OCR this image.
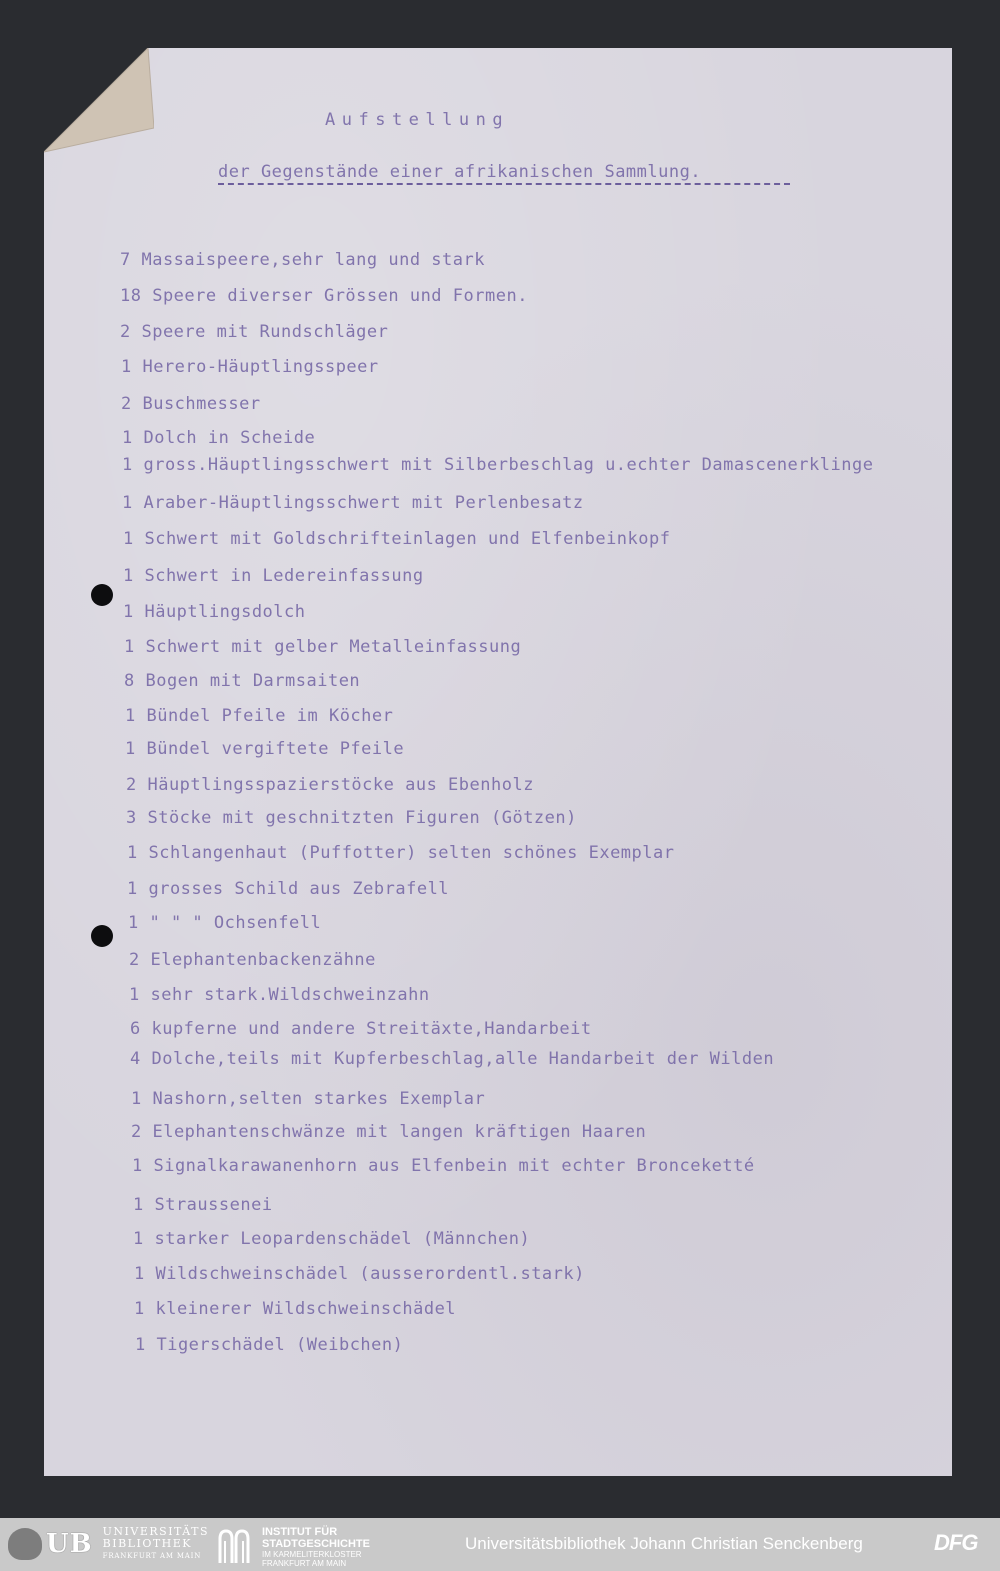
Aufstellung
der Gegenstände einer afrikanischen Sammlung.
7 Massaispeere,sehr lang und stark
18 Speere diverser Grössen und Formen.
2 Speere mit Rundschläger
1 Herero-Häuptlingsspeer
2 Buschmesser
1 Dolch in Scheide
1 gross.Häuptlingsschwert mit Silberbeschlag u.echter Damascenerklinge
1 Araber-Häuptlingsschwert mit Perlenbesatz
1 Schwert mit Goldschrifteinlagen und Elfenbeinkopf
1 Schwert in Ledereinfassung
1 Häuptlingsdolch
1 Schwert mit gelber Metalleinfassung
8 Bogen mit Darmsaiten
1 Bündel Pfeile im Köcher
1 Bündel vergiftete Pfeile
2 Häuptlingsspazierstöcke aus Ebenholz
3 Stöcke mit geschnitzten Figuren (Götzen)
1 Schlangenhaut (Puffotter) selten schönes Exemplar
1 grosses Schild aus Zebrafell
1 " " " Ochsenfell
2 Elephantenbackenzähne
1 sehr stark.Wildschweinzahn
6 kupferne und andere Streitäxte,Handarbeit
4 Dolche,teils mit Kupferbeschlag,alle Handarbeit der Wilden
1 Nashorn,selten starkes Exemplar
2 Elephantenschwänze mit langen kräftigen Haaren
1 Signalkarawanenhorn aus Elfenbein mit echter Bronceketté
1 Straussenei
1 starker Leopardenschädel (Männchen)
1 Wildschweinschädel (ausserordentl.stark)
1 kleinerer Wildschweinschädel
1 Tigerschädel (Weibchen)
UB UNIVERSITÄTS
BIBLIOTHEK
FRANKFURT AM MAIN
INSTITUT FÜR
STADTGESCHICHTE
IM KARMELITERKLOSTER
FRANKFURT AM MAIN
Universitätsbibliothek Johann Christian Senckenberg	DFG
